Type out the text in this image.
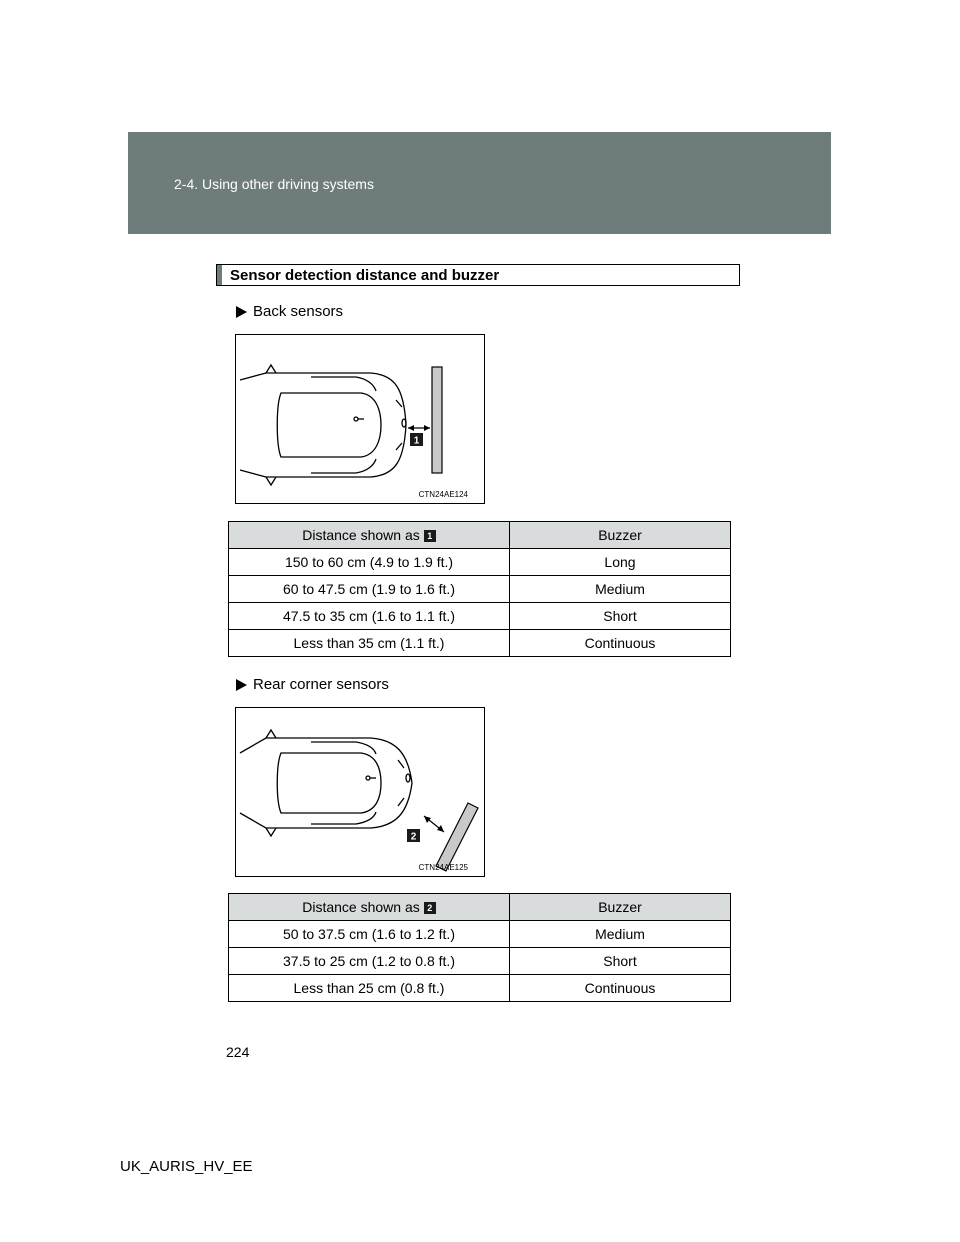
2-4. Using other driving systems
Sensor detection distance and buzzer
Back sensors
1
CTN24AE124
Distance shown as 1	Buzzer
150 to 60 cm (4.9 to 1.9 ft.)	Long
60 to 47.5 cm (1.9 to 1.6 ft.)	Medium
47.5 to 35 cm (1.6 to 1.1 ft.)	Short
Less than 35 cm (1.1 ft.)	Continuous
Rear corner sensors
2
CTN24AE125
Distance shown as 2	Buzzer
50 to 37.5 cm (1.6 to 1.2 ft.)	Medium
37.5 to 25 cm (1.2 to 0.8 ft.)	Short
Less than 25 cm (0.8 ft.)	Continuous
224
UK_AURIS_HV_EE
